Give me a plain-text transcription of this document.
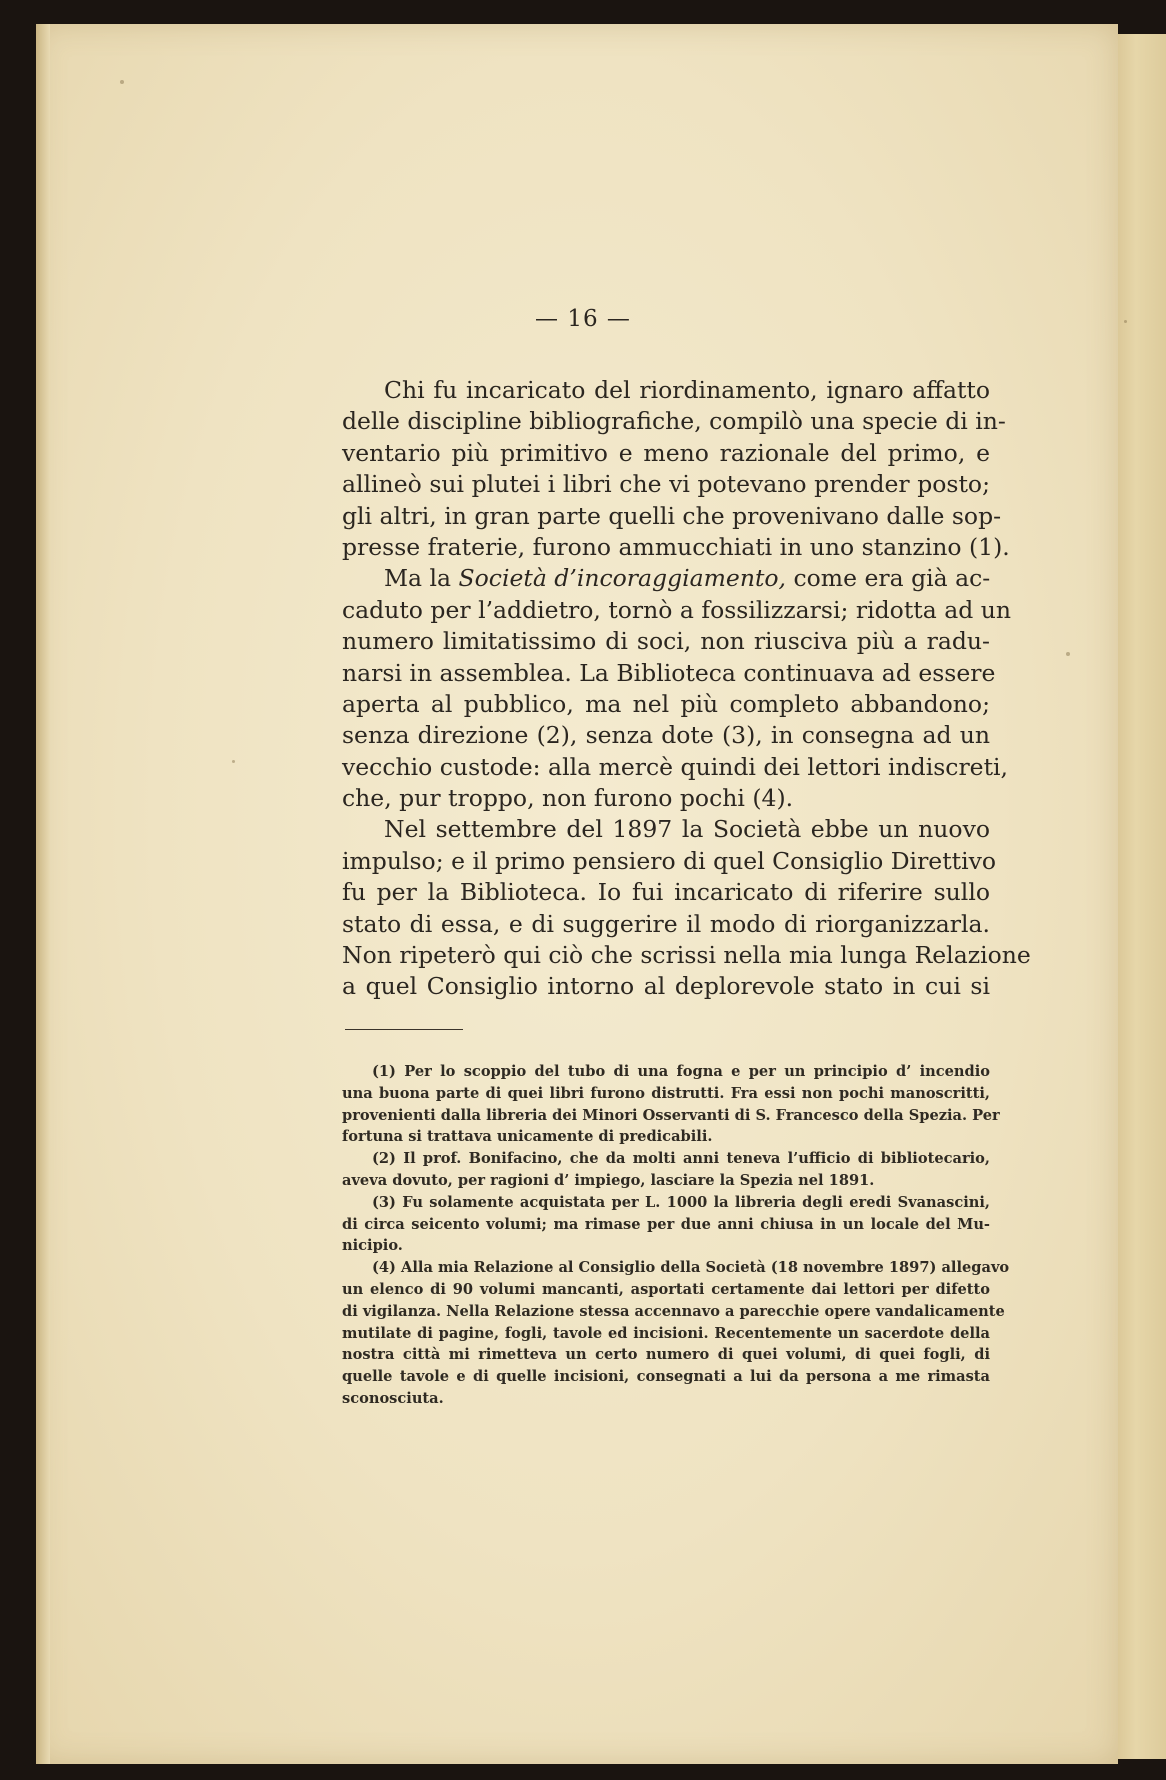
— 16 —
Chi fu incaricato del riordinamento, ignaro affatto
delle discipline bibliografiche, compilò una specie di in-
ventario più primitivo e meno razionale del primo, e
allineò sui plutei i libri che vi potevano prender posto;
gli altri, in gran parte quelli che provenivano dalle sop-
presse fraterie, furono ammucchiati in uno stanzino (1).
Ma la Società d’incoraggiamento, come era già ac-
caduto per l’addietro, tornò a fossilizzarsi; ridotta ad un
numero limitatissimo di soci, non riusciva più a radu-
narsi in assemblea. La Biblioteca continuava ad essere
aperta al pubblico, ma nel più completo abbandono;
senza direzione (2), senza dote (3), in consegna ad un
vecchio custode: alla mercè quindi dei lettori indiscreti,
che, pur troppo, non furono pochi (4).
Nel settembre del 1897 la Società ebbe un nuovo
impulso; e il primo pensiero di quel Consiglio Direttivo
fu per la Biblioteca. Io fui incaricato di riferire sullo
stato di essa, e di suggerire il modo di riorganizzarla.
Non ripeterò qui ciò che scrissi nella mia lunga Relazione
a quel Consiglio intorno al deplorevole stato in cui si
(1) Per lo scoppio del tubo di una fogna e per un principio d’ incendio
una buona parte di quei libri furono distrutti. Fra essi non pochi manoscritti,
provenienti dalla libreria dei Minori Osservanti di S. Francesco della Spezia. Per
fortuna si trattava unicamente di predicabili.
(2) Il prof. Bonifacino, che da molti anni teneva l’ufficio di bibliotecario,
aveva dovuto, per ragioni d’ impiego, lasciare la Spezia nel 1891.
(3) Fu solamente acquistata per L. 1000 la libreria degli eredi Svanascini,
di circa seicento volumi; ma rimase per due anni chiusa in un locale del Mu-
nicipio.
(4) Alla mia Relazione al Consiglio della Società (18 novembre 1897) allegavo
un elenco di 90 volumi mancanti, asportati certamente dai lettori per difetto
di vigilanza. Nella Relazione stessa accennavo a parecchie opere vandalicamente
mutilate di pagine, fogli, tavole ed incisioni. Recentemente un sacerdote della
nostra città mi rimetteva un certo numero di quei volumi, di quei fogli, di
quelle tavole e di quelle incisioni, consegnati a lui da persona a me rimasta
sconosciuta.
